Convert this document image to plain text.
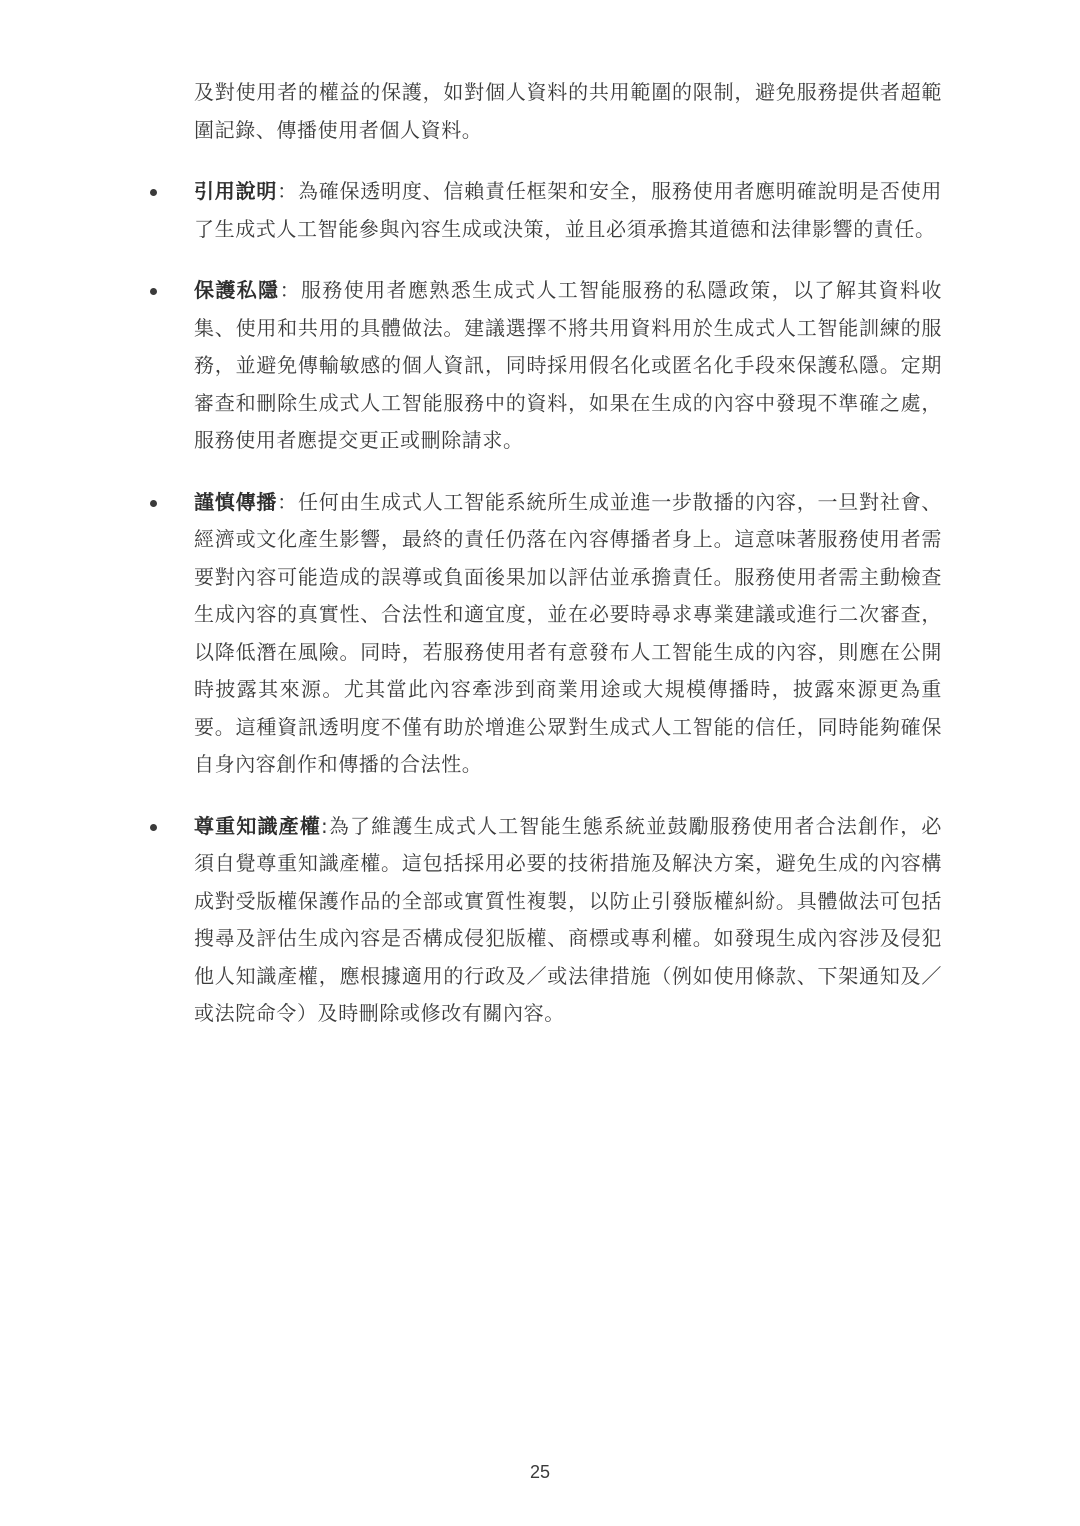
及對使用者的權益的保護，如對個人資料的共用範圍的限制，避免服務提供者超範圍記錄、傳播使用者個人資料。

引用說明：為確保透明度、信賴責任框架和安全，服務使用者應明確說明是否使用了生成式人工智能參與內容生成或決策，並且必須承擔其道德和法律影響的責任。
保護私隱：服務使用者應熟悉生成式人工智能服務的私隱政策，以了解其資料收集、使用和共用的具體做法。建議選擇不將共用資料用於生成式人工智能訓練的服務，並避免傳輸敏感的個人資訊，同時採用假名化或匿名化手段來保護私隱。定期審查和刪除生成式人工智能服務中的資料，如果在生成的內容中發現不準確之處，服務使用者應提交更正或刪除請求。
謹慎傳播：任何由生成式人工智能系統所生成並進一步散播的內容，一旦對社會、經濟或文化產生影響，最終的責任仍落在內容傳播者身上。這意味著服務使用者需要對內容可能造成的誤導或負面後果加以評估並承擔責任。服務使用者需主動檢查生成內容的真實性、合法性和適宜度，並在必要時尋求專業建議或進行二次審查，以降低潛在風險。同時，若服務使用者有意發布人工智能生成的內容，則應在公開時披露其來源。尤其當此內容牽涉到商業用途或大規模傳播時，披露來源更為重要。這種資訊透明度不僅有助於增進公眾對生成式人工智能的信任，同時能夠確保自身內容創作和傳播的合法性。
尊重知識產權:為了維護生成式人工智能生態系統並鼓勵服務使用者合法創作，必須自覺尊重知識產權。這包括採用必要的技術措施及解決方案，避免生成的內容構成對受版權保護作品的全部或實質性複製，以防止引發版權糾紛。具體做法可包括搜尋及評估生成內容是否構成侵犯版權、商標或專利權。如發現生成內容涉及侵犯他人知識產權，應根據適用的行政及／或法律措施（例如使用條款、下架通知及／或法院命令）及時刪除或修改有關內容。
25
